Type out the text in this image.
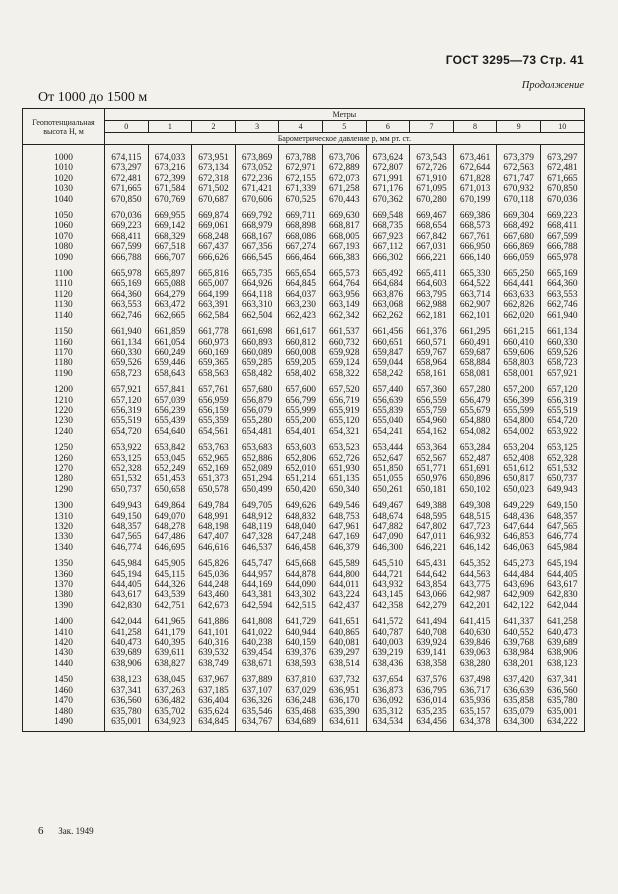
ГОСТ 3295—73 Стр. 41
Продолжение
От 1000 до 1500 м
Геопотенциальная высота H, м	Метры										
	0	1	2	3	4	5	6	7	8	9	10
	Барометрическое давление p, мм рт. ст.										
1000	674,115	674,033	673,951	673,869	673,788	673,706	673,624	673,543	673,461	673,379	673,297
1010	673,297	673,216	673,134	673,052	672,971	672,889	672,807	672,726	672,644	672,563	672,481
1020	672,481	672,399	672,318	672,236	672,155	672,073	671,991	671,910	671,828	671,747	671,665
1030	671,665	671,584	671,502	671,421	671,339	671,258	671,176	671,095	671,013	670,932	670,850
1040	670,850	670,769	670,687	670,606	670,525	670,443	670,362	670,280	670,199	670,118	670,036
1050	670,036	669,955	669,874	669,792	669,711	669,630	669,548	669,467	669,386	669,304	669,223
1060	669,223	669,142	669,061	668,979	668,898	668,817	668,735	668,654	668,573	668,492	668,411
1070	668,411	668,329	668,248	668,167	668,086	668,005	667,923	667,842	667,761	667,680	667,599
1080	667,599	667,518	667,437	667,356	667,274	667,193	667,112	667,031	666,950	666,869	666,788
1090	666,788	666,707	666,626	666,545	666,464	666,383	666,302	666,221	666,140	666,059	665,978
1100	665,978	665,897	665,816	665,735	665,654	665,573	665,492	665,411	665,330	665,250	665,169
1110	665,169	665,088	665,007	664,926	664,845	664,764	664,684	664,603	664,522	664,441	664,360
1120	664,360	664,279	664,199	664,118	664,037	663,956	663,876	663,795	663,714	663,633	663,553
1130	663,553	663,472	663,391	663,310	663,230	663,149	663,068	662,988	662,907	662,826	662,746
1140	662,746	662,665	662,584	662,504	662,423	662,342	662,262	662,181	662,101	662,020	661,940
1150	661,940	661,859	661,778	661,698	661,617	661,537	661,456	661,376	661,295	661,215	661,134
1160	661,134	661,054	660,973	660,893	660,812	660,732	660,651	660,571	660,491	660,410	660,330
1170	660,330	660,249	660,169	660,089	660,008	659,928	659,847	659,767	659,687	659,606	659,526
1180	659,526	659,446	659,365	659,285	659,205	659,124	659,044	658,964	658,884	658,803	658,723
1190	658,723	658,643	658,563	658,482	658,402	658,322	658,242	658,161	658,081	658,001	657,921
1200	657,921	657,841	657,761	657,680	657,600	657,520	657,440	657,360	657,280	657,200	657,120
1210	657,120	657,039	656,959	656,879	656,799	656,719	656,639	656,559	656,479	656,399	656,319
1220	656,319	656,239	656,159	656,079	655,999	655,919	655,839	655,759	655,679	655,599	655,519
1230	655,519	655,439	655,359	655,280	655,200	655,120	655,040	654,960	654,880	654,800	654,720
1240	654,720	654,640	654,561	654,481	654,401	654,321	654,241	654,162	654,082	654,002	653,922
1250	653,922	653,842	653,763	653,683	653,603	653,523	653,444	653,364	653,284	653,204	653,125
1260	653,125	653,045	652,965	652,886	652,806	652,726	652,647	652,567	652,487	652,408	652,328
1270	652,328	652,249	652,169	652,089	652,010	651,930	651,850	651,771	651,691	651,612	651,532
1280	651,532	651,453	651,373	651,294	651,214	651,135	651,055	650,976	650,896	650,817	650,737
1290	650,737	650,658	650,578	650,499	650,420	650,340	650,261	650,181	650,102	650,023	649,943
1300	649,943	649,864	649,784	649,705	649,626	649,546	649,467	649,388	649,308	649,229	649,150
1310	649,150	649,070	648,991	648,912	648,832	648,753	648,674	648,595	648,515	648,436	648,357
1320	648,357	648,278	648,198	648,119	648,040	647,961	647,882	647,802	647,723	647,644	647,565
1330	647,565	647,486	647,407	647,328	647,248	647,169	647,090	647,011	646,932	646,853	646,774
1340	646,774	646,695	646,616	646,537	646,458	646,379	646,300	646,221	646,142	646,063	645,984
1350	645,984	645,905	645,826	645,747	645,668	645,589	645,510	645,431	645,352	645,273	645,194
1360	645,194	645,115	645,036	644,957	644,878	644,800	644,721	644,642	644,563	644,484	644,405
1370	644,405	644,326	644,248	644,169	644,090	644,011	643,932	643,854	643,775	643,696	643,617
1380	643,617	643,539	643,460	643,381	643,302	643,224	643,145	643,066	642,987	642,909	642,830
1390	642,830	642,751	642,673	642,594	642,515	642,437	642,358	642,279	642,201	642,122	642,044
1400	642,044	641,965	641,886	641,808	641,729	641,651	641,572	641,494	641,415	641,337	641,258
1410	641,258	641,179	641,101	641,022	640,944	640,865	640,787	640,708	640,630	640,552	640,473
1420	640,473	640,395	640,316	640,238	640,159	640,081	640,003	639,924	639,846	639,768	639,689
1430	639,689	639,611	639,532	639,454	639,376	639,297	639,219	639,141	639,063	638,984	638,906
1440	638,906	638,827	638,749	638,671	638,593	638,514	638,436	638,358	638,280	638,201	638,123
1450	638,123	638,045	637,967	637,889	637,810	637,732	637,654	637,576	637,498	637,420	637,341
1460	637,341	637,263	637,185	637,107	637,029	636,951	636,873	636,795	636,717	636,639	636,560
1470	636,560	636,482	636,404	636,326	636,248	636,170	636,092	636,014	635,936	635,858	635,780
1480	635,780	635,702	635,624	635,546	635,468	635,390	635,312	635,235	635,157	635,079	635,001
1490	635,001	634,923	634,845	634,767	634,689	634,611	634,534	634,456	634,378	634,300	634,222
6 Зак. 1949
